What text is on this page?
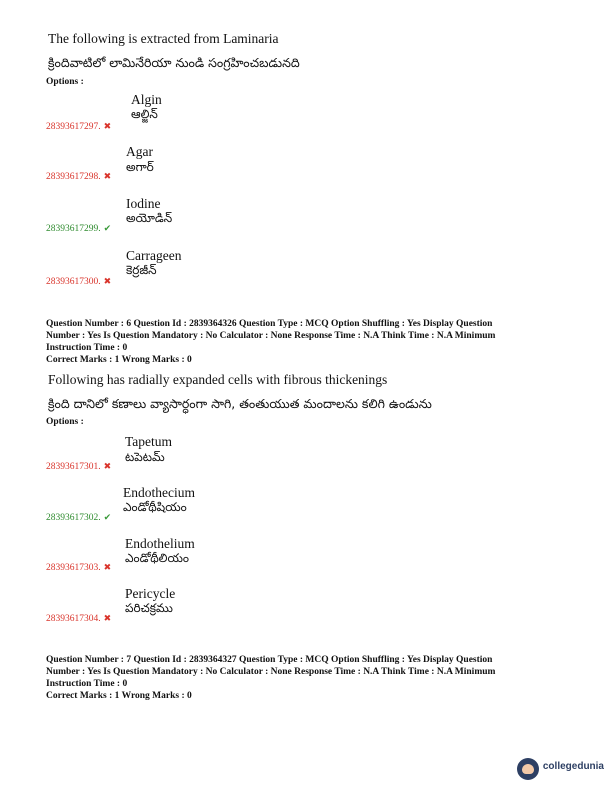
The following is extracted from Laminaria
క్రిందివాటిలో లామినేరియా నుండి సంగ్రహించబడునది
Options :
Algin
ఆల్జిన్
28393617297. ✖
Agar
అగార్
28393617298. ✖
Iodine
అయోడిన్
28393617299. ✔
Carrageen
కెర్రజీన్
28393617300. ✖
Question Number : 6 Question Id : 2839364326 Question Type : MCQ Option Shuffling : Yes Display Question
Number : Yes Is Question Mandatory : No Calculator : None Response Time : N.A Think Time : N.A Minimum
Instruction Time : 0
Correct Marks : 1 Wrong Marks : 0
Following has radially expanded cells with fibrous thickenings
క్రింది దానిలో కణాలు వ్యాసార్ధంగా సాగి, తంతుయుత మందాలను కలిగి ఉండును
Options :
Tapetum
టపెటమ్
28393617301. ✖
Endothecium
ఎండోథీషియం
28393617302. ✔
Endothelium
ఎండోథీలియం
28393617303. ✖
Pericycle
పరిచక్రము
28393617304. ✖
Question Number : 7 Question Id : 2839364327 Question Type : MCQ Option Shuffling : Yes Display Question
Number : Yes Is Question Mandatory : No Calculator : None Response Time : N.A Think Time : N.A Minimum
Instruction Time : 0
Correct Marks : 1 Wrong Marks : 0
collegedunia
